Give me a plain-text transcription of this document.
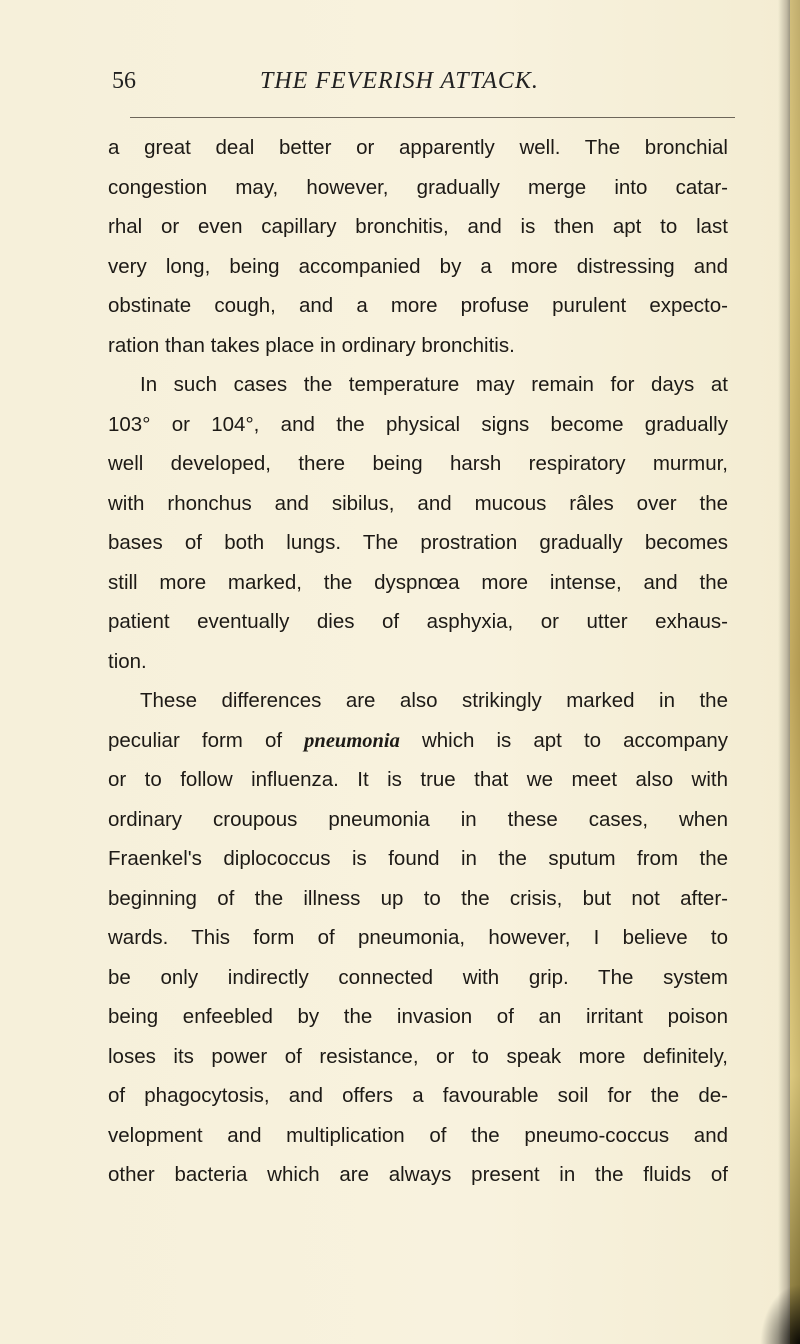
56	THE FEVERISH ATTACK.
a great deal better or apparently well. The bronchial
congestion may, however, gradually merge into catar-
rhal or even capillary bronchitis, and is then apt to last
very long, being accompanied by a more distressing and
obstinate cough, and a more profuse purulent expecto-
ration than takes place in ordinary bronchitis.
In such cases the temperature may remain for days at
103° or 104°, and the physical signs become gradually
well developed, there being harsh respiratory murmur,
with rhonchus and sibilus, and mucous râles over the
bases of both lungs. The prostration gradually becomes
still more marked, the dyspnœa more intense, and the
patient eventually dies of asphyxia, or utter exhaus-
tion.
These differences are also strikingly marked in the
peculiar form of pneumonia which is apt to accompany
or to follow influenza. It is true that we meet also with
ordinary croupous pneumonia in these cases, when
Fraenkel's diplococcus is found in the sputum from the
beginning of the illness up to the crisis, but not after-
wards. This form of pneumonia, however, I believe to
be only indirectly connected with grip. The system
being enfeebled by the invasion of an irritant poison
loses its power of resistance, or to speak more definitely,
of phagocytosis, and offers a favourable soil for the de-
velopment and multiplication of the pneumo-coccus and
other bacteria which are always present in the fluids of
